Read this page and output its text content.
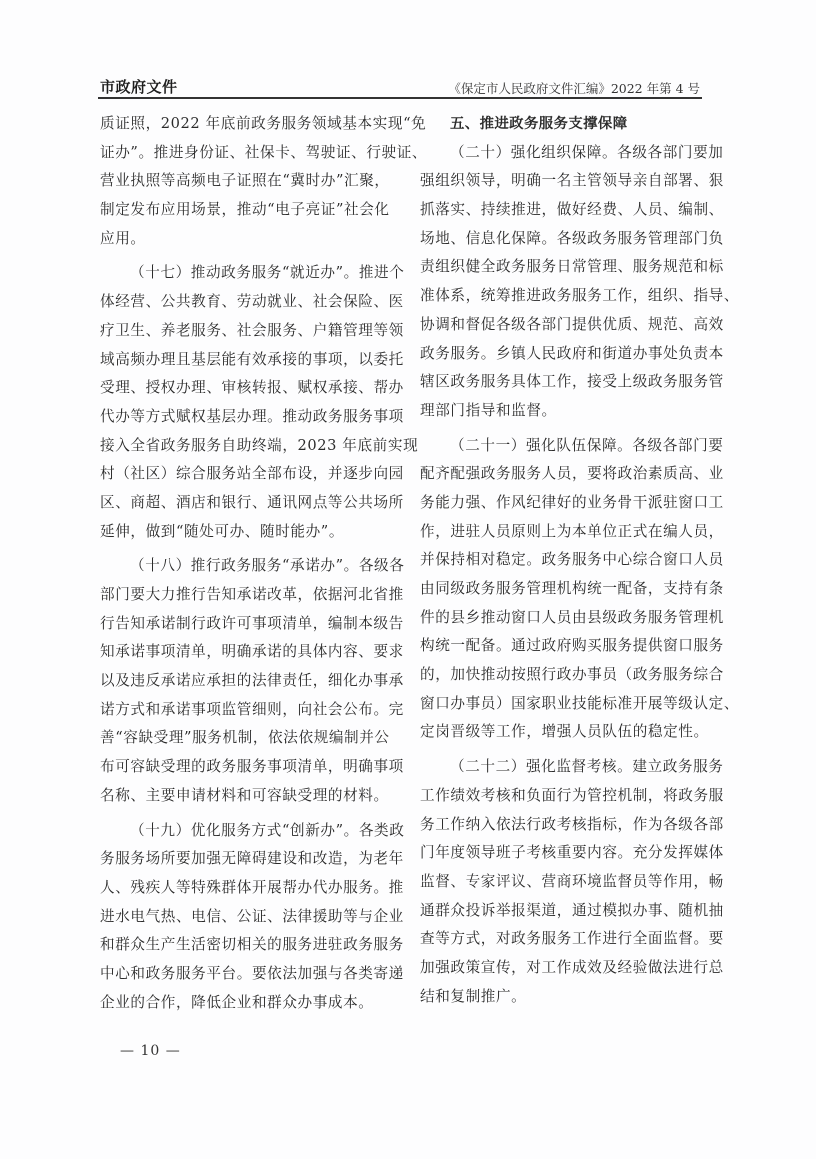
市政府文件	《保定市人民政府文件汇编》2022 年第 4 号
质证照，2022 年底前政务服务领域基本实现“免
证办”。推进身份证、社保卡、驾驶证、行驶证、
营业执照等高频电子证照在“冀时办”汇聚，
制定发布应用场景，推动“电子亮证”社会化
应用。
（十七）推动政务服务“就近办”。推进个
体经营、公共教育、劳动就业、社会保险、医
疗卫生、养老服务、社会服务、户籍管理等领
域高频办理且基层能有效承接的事项，以委托
受理、授权办理、审核转报、赋权承接、帮办
代办等方式赋权基层办理。推动政务服务事项
接入全省政务服务自助终端，2023 年底前实现
村（社区）综合服务站全部布设，并逐步向园
区、商超、酒店和银行、通讯网点等公共场所
延伸，做到“随处可办、随时能办”。
（十八）推行政务服务“承诺办”。各级各
部门要大力推行告知承诺改革，依据河北省推
行告知承诺制行政许可事项清单，编制本级告
知承诺事项清单，明确承诺的具体内容、要求
以及违反承诺应承担的法律责任，细化办事承
诺方式和承诺事项监管细则，向社会公布。完
善“容缺受理”服务机制，依法依规编制并公
布可容缺受理的政务服务事项清单，明确事项
名称、主要申请材料和可容缺受理的材料。
（十九）优化服务方式“创新办”。各类政
务服务场所要加强无障碍建设和改造，为老年
人、残疾人等特殊群体开展帮办代办服务。推
进水电气热、电信、公证、法律援助等与企业
和群众生产生活密切相关的服务进驻政务服务
中心和政务服务平台。要依法加强与各类寄递
企业的合作，降低企业和群众办事成本。
五、推进政务服务支撑保障
（二十）强化组织保障。各级各部门要加
强组织领导，明确一名主管领导亲自部署、狠
抓落实、持续推进，做好经费、人员、编制、
场地、信息化保障。各级政务服务管理部门负
责组织健全政务服务日常管理、服务规范和标
准体系，统筹推进政务服务工作，组织、指导、
协调和督促各级各部门提供优质、规范、高效
政务服务。乡镇人民政府和街道办事处负责本
辖区政务服务具体工作，接受上级政务服务管
理部门指导和监督。
（二十一）强化队伍保障。各级各部门要
配齐配强政务服务人员，要将政治素质高、业
务能力强、作风纪律好的业务骨干派驻窗口工
作，进驻人员原则上为本单位正式在编人员，
并保持相对稳定。政务服务中心综合窗口人员
由同级政务服务管理机构统一配备，支持有条
件的县乡推动窗口人员由县级政务服务管理机
构统一配备。通过政府购买服务提供窗口服务
的，加快推动按照行政办事员（政务服务综合
窗口办事员）国家职业技能标准开展等级认定、
定岗晋级等工作，增强人员队伍的稳定性。
（二十二）强化监督考核。建立政务服务
工作绩效考核和负面行为管控机制，将政务服
务工作纳入依法行政考核指标，作为各级各部
门年度领导班子考核重要内容。充分发挥媒体
监督、专家评议、营商环境监督员等作用，畅
通群众投诉举报渠道，通过模拟办事、随机抽
查等方式，对政务服务工作进行全面监督。要
加强政策宣传，对工作成效及经验做法进行总
结和复制推广。
— 10 —
